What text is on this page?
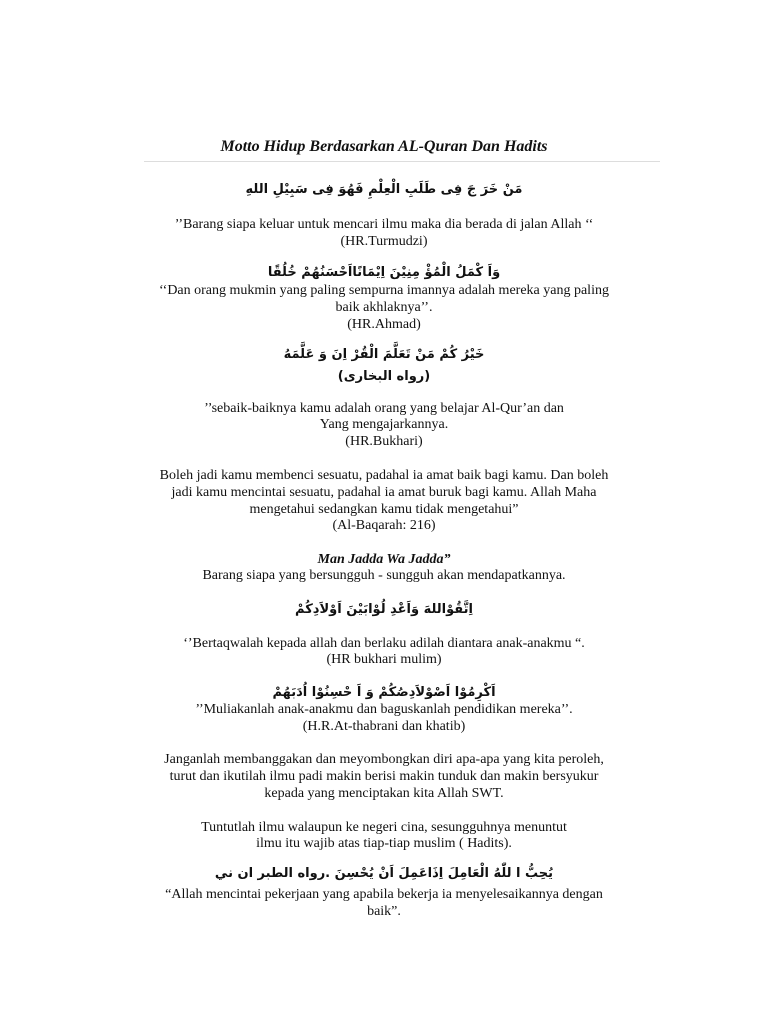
Motto Hidup Berdasarkan AL-Quran Dan Hadits
مَنْ خَرَ جَ فِى طَلَبِ الْعِلْمِ فَهُوَ فِى سَبِيْلِ اللهِ
’’Barang siapa keluar untuk mencari ilmu maka dia berada di jalan Allah ‘‘
(HR.Turmudzi)
وَاَ كْمَلُ الْمُؤْ مِنِيْنَ اِيْمَانًااَحْسَنُهُمْ خُلُقًا
‘‘Dan orang mukmin yang paling sempurna imannya adalah mereka yang paling
baik akhlaknya’’.
(HR.Ahmad)
خَيْرُ كُمْ مَنْ تَعَلَّمَ الْقُرْ اِنَ وَ عَلَّمَهُ
(رواه البخارى)
’’sebaik-baiknya kamu adalah orang yang belajar Al-Qur’an dan
Yang mengajarkannya.
(HR.Bukhari)
Boleh jadi kamu membenci sesuatu, padahal ia amat baik bagi kamu. Dan boleh
jadi kamu mencintai sesuatu, padahal ia amat buruk bagi kamu. Allah Maha
mengetahui sedangkan kamu tidak mengetahui”
(Al-Baqarah: 216)
Man Jadda Wa Jadda”
Barang siapa yang bersungguh - sungguh akan mendapatkannya.
اِتَّقُوْاللهَ وَاَعْدِ لُوْابَيْنَ اَوْلاَدِكُمْ
‘’Bertaqwalah kepada allah dan berlaku adilah diantara anak-anakmu “.
(HR bukhari mulim)
اَكْرِمُوْا اَصْوْلاَدِصُكُمْ وَ اَ حْسِنُوْا اُدَبَهُمْ
’’Muliakanlah anak-anakmu dan baguskanlah pendidikan mereka’’.
(H.R.At-thabrani dan khatib)
Janganlah membanggakan dan meyombongkan diri apa-apa yang kita peroleh,
turut dan ikutilah ilmu padi makin berisi makin tunduk dan makin bersyukur
kepada yang menciptakan kita Allah SWT.
Tuntutlah ilmu walaupun ke negeri cina, sesungguhnya menuntut
ilmu itu wajib atas tiap-tiap muslim ( Hadits).
يُحِبُّ ا للّٰهُ الْعَامِلَ اِذَاعَمِلَ اَنْ يُحْسِنَ .رواه الطبر ان ني
“Allah mencintai pekerjaan yang apabila bekerja ia menyelesaikannya dengan
baik”.
